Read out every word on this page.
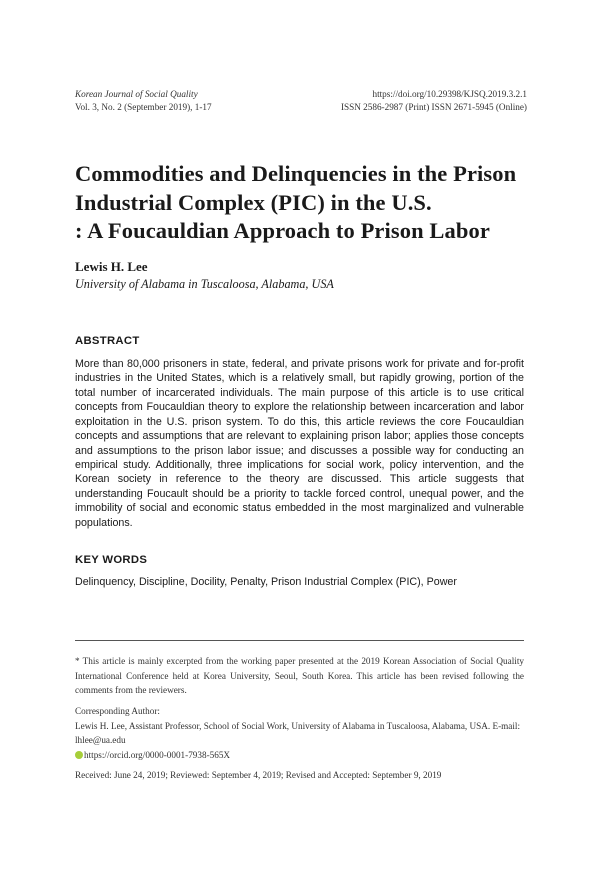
Korean Journal of Social Quality
Vol. 3, No. 2 (September 2019), 1-17
https://doi.org/10.29398/KJSQ.2019.3.2.1
ISSN 2586-2987 (Print) ISSN 2671-5945 (Online)
Commodities and Delinquencies in the Prison
Industrial Complex (PIC) in the U.S.
: A Foucauldian Approach to Prison Labor
Lewis H. Lee
University of Alabama in Tuscaloosa, Alabama, USA
ABSTRACT

More than 80,000 prisoners in state, federal, and private prisons work for private and for-profit industries in the United States, which is a relatively small, but rapidly growing, portion of the total number of incarcerated individuals. The main purpose of this article is to use critical concepts from Foucauldian theory to explore the relationship between incarceration and labor exploitation in the U.S. prison system. To do this, this article reviews the core Foucauldian concepts and assumptions that are relevant to explaining prison labor; applies those concepts and assumptions to the prison labor issue; and discusses a possible way for conducting an empirical study. Additionally, three implications for social work, policy intervention, and the Korean society in reference to the theory are discussed. This article suggests that understanding Foucault should be a priority to tackle forced control, unequal power, and the immobility of social and economic status embedded in the most marginalized and vulnerable populations.

KEY WORDS
Delinquency, Discipline, Docility, Penalty, Prison Industrial Complex (PIC), Power

* This article is mainly excerpted from the working paper presented at the 2019 Korean Association of Social Quality International Conference held at Korea University, Seoul, South Korea. This article has been revised following the comments from the reviewers.

Corresponding Author:
Lewis H. Lee, Assistant Professor, School of Social Work, University of Alabama in Tuscaloosa, Alabama, USA. E-mail:
lhlee@ua.edu
https://orcid.org/0000-0001-7938-565X
Received: June 24, 2019; Reviewed: September 4, 2019; Revised and Accepted: September 9, 2019
